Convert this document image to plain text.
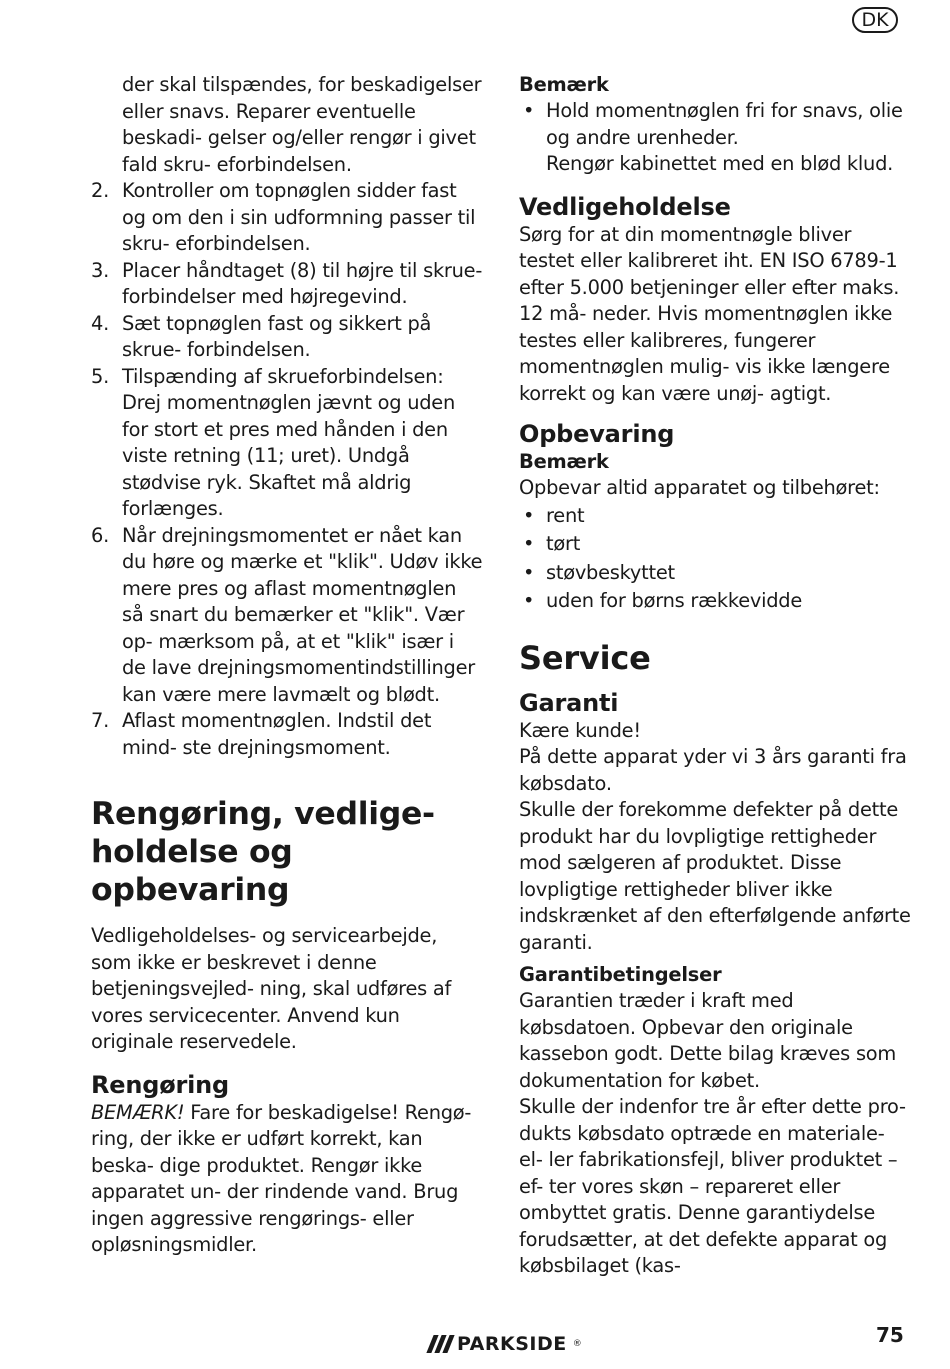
DK
der skal tilspændes, for beskadigelser eller snavs. Reparer eventuelle beskadi- gelser og/eller rengør i givet fald skru- eforbindelsen.
2. Kontroller om topnøglen sidder fast og om den i sin udformning passer til skru- eforbindelsen.
3. Placer håndtaget (8) til højre til skrue- forbindelser med højregevind.
4. Sæt topnøglen fast og sikkert på skrue- forbindelsen.
5. Tilspænding af skrueforbindelsen: Drej momentnøglen jævnt og uden for stort et pres med hånden i den viste retning (11; uret). Undgå stødvise ryk. Skaftet må aldrig forlænges.
6. Når drejningsmomentet er nået kan du høre og mærke et "klik". Udøv ikke mere pres og aflast momentnøglen så snart du bemærker et "klik". Vær op- mærksom på, at et "klik" især i de lave drejningsmomentindstillinger kan være mere lavmælt og blødt.
7. Aflast momentnøglen. Indstil det mind- ste drejningsmoment.
Rengøring, vedlige-
holdelse og
opbevaring

Vedligeholdelses- og servicearbejde, som ikke er beskrevet i denne betjeningsvejled- ning, skal udføres af vores servicecenter. Anvend kun originale reservedele.

Rengøring

BEMÆRK! Fare for beskadigelse! Rengø- ring, der ikke er udført korrekt, kan beska- dige produktet. Rengør ikke apparatet un- der rindende vand. Brug ingen aggressive rengørings- eller opløsningsmidler.

Bemærk
• Hold momentnøglen fri for snavs, olie og andre urenheder.
Rengør kabinettet med en blød klud.
Vedligeholdelse

Sørg for at din momentnøgle bliver testet eller kalibreret iht. EN ISO 6789-1 efter 5.000 betjeninger eller efter maks. 12 må- neder. Hvis momentnøglen ikke testes eller kalibreres, fungerer momentnøglen mulig- vis ikke længere korrekt og kan være unøj- agtigt.

Opbevaring
Bemærk

Opbevar altid apparatet og tilbehøret:

• rent
• tørt
• støvbeskyttet
• uden for børns rækkevidde
Service
Garanti

Kære kunde!

På dette apparat yder vi 3 års garanti fra købsdato.

Skulle der forekomme defekter på dette produkt har du lovpligtige rettigheder mod sælgeren af produktet. Disse lovpligtige rettigheder bliver ikke indskrænket af den efterfølgende anførte garanti.

Garantibetingelser

Garantien træder i kraft med købsdatoen. Opbevar den originale kassebon godt. Dette bilag kræves som dokumentation for købet.

Skulle der indenfor tre år efter dette pro- dukts købsdato optræde en materiale- el- ler fabrikationsfejl, bliver produktet – ef- ter vores skøn – repareret eller ombyttet gratis. Denne garantiydelse forudsætter, at det defekte apparat og købsbilaget (kas-

PARKSIDE ®	75
